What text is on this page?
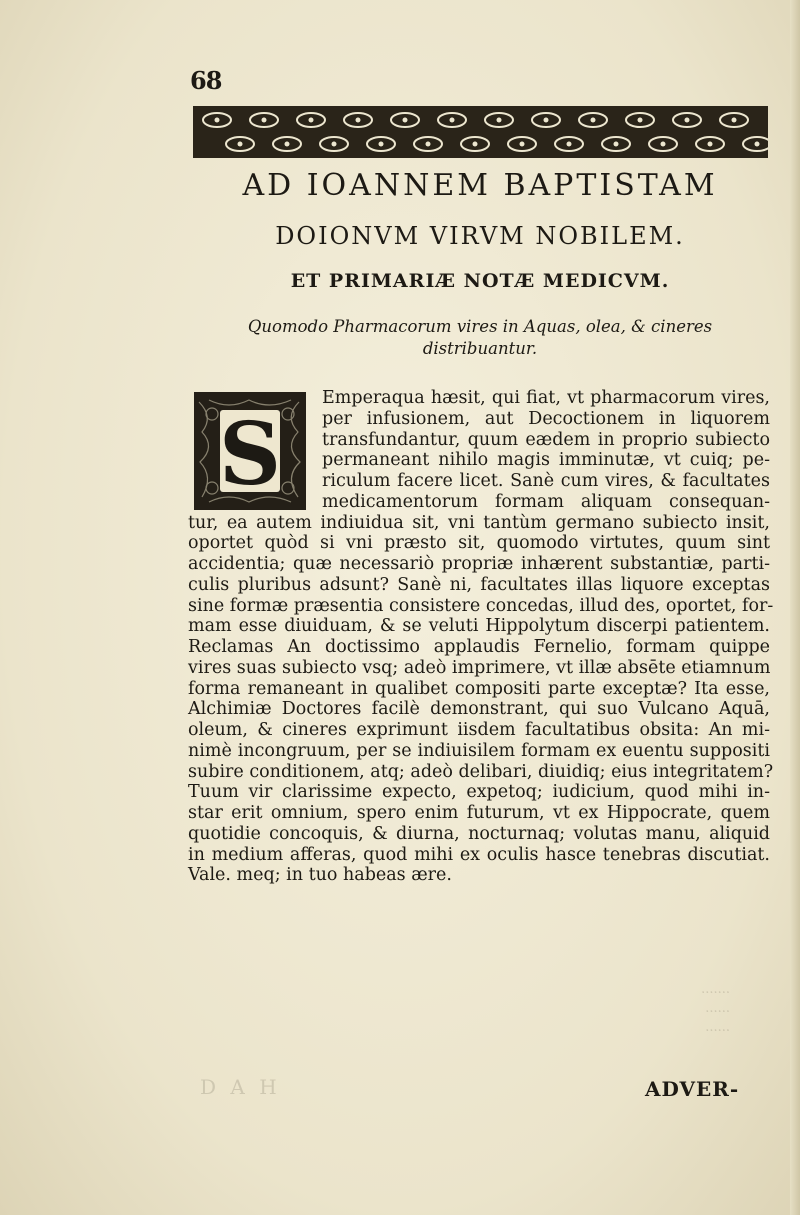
68
AD IOANNEM BAPTISTAM
DOIONVM VIRVM NOBILEM.
ET PRIMARIÆ NOTÆ MEDICVM.
Quomodo Pharmacorum vires in Aquas, olea, & cineres
distribuantur.
S
Emperaqua hæsit, qui fiat, vt pharmacorum vires,
per infusionem, aut Decoctionem in liquorem
transfundantur, quum eædem in proprio subiecto
permaneant nihilo magis imminutæ, vt cuiq; pe-
riculum facere licet. Sanè cum vires, & facultates
medicamentorum formam aliquam consequan-
tur, ea autem indiuidua sit, vni tantùm germano subiecto insit,
oportet quòd si vni præsto sit, quomodo virtutes, quum sint
accidentia; quæ necessariò propriæ inhærent substantiæ, parti-
culis pluribus adsunt? Sanè ni, facultates illas liquore exceptas
sine formæ præsentia consistere concedas, illud des, oportet, for-
mam esse diuiduam, & se veluti Hippolytum discerpi patientem.
Reclamas An doctissimo applaudis Fernelio, formam quippe
vires suas subiecto vsq; adeò imprimere, vt illæ absēte etiamnum
forma remaneant in qualibet compositi parte exceptæ? Ita esse,
Alchimiæ Doctores facilè demonstrant, qui suo Vulcano Aquā,
oleum, & cineres exprimunt iisdem facultatibus obsita: An mi-
nimè incongruum, per se indiuisilem formam ex euentu suppositi
subire conditionem, atq; adeò delibari, diuidiq; eius integritatem?
Tuum vir clarissime expecto, expetoq; iudicium, quod mihi in-
star erit omnium, spero enim futurum, vt ex Hippocrate, quem
quotidie concoquis, & diurna, nocturnaq; volutas manu, aliquid
in medium afferas, quod mihi ex oculis hasce tenebras discutiat.
Vale. meq; in tuo habeas ære.
.......
......
......
D A H	ADVER-
